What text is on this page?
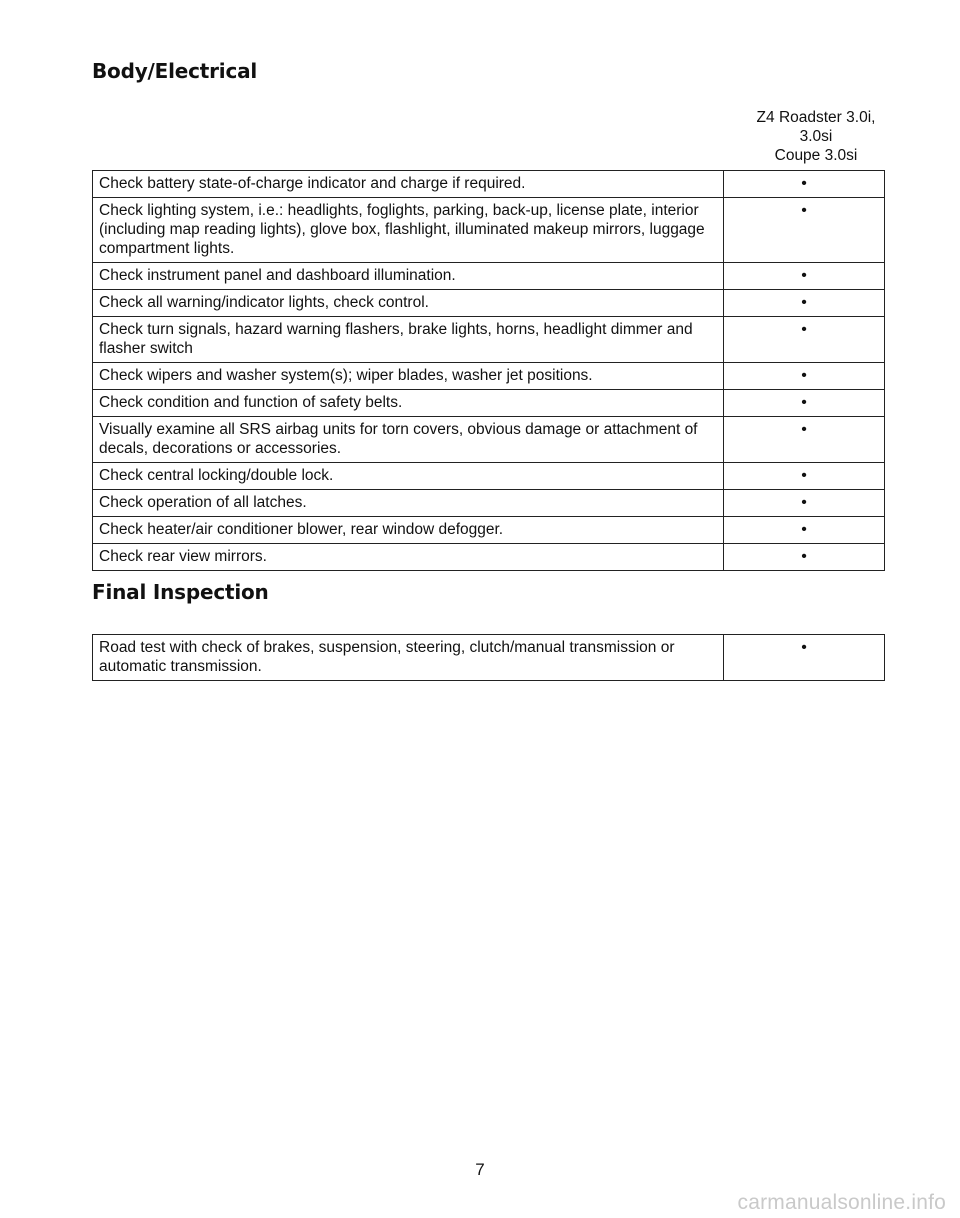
Body/Electrical
Z4 Roadster 3.0i,
3.0si
Coupe 3.0si
Check battery state-of-charge indicator and charge if required.	•
Check lighting system, i.e.: headlights, foglights, parking, back-up, license plate, interior (including map reading lights), glove box, flashlight, illuminated makeup mirrors, luggage compartment lights.	•
Check instrument panel and dashboard illumination.	•
Check all warning/indicator lights, check control.	•
Check turn signals, hazard warning flashers, brake lights, horns, headlight dimmer and flasher switch	•
Check wipers and washer system(s); wiper blades, washer jet positions.	•
Check condition and function of safety belts.	•
Visually examine all SRS airbag units for torn covers, obvious damage or attachment of decals, decorations or accessories.	•
Check central locking/double lock.	•
Check operation of all latches.	•
Check heater/air conditioner blower, rear window defogger.	•
Check rear view mirrors.	•
Final Inspection
Road test with check of brakes, suspension, steering, clutch/manual transmission or automatic transmission.	•
7
carmanualsonline.info
